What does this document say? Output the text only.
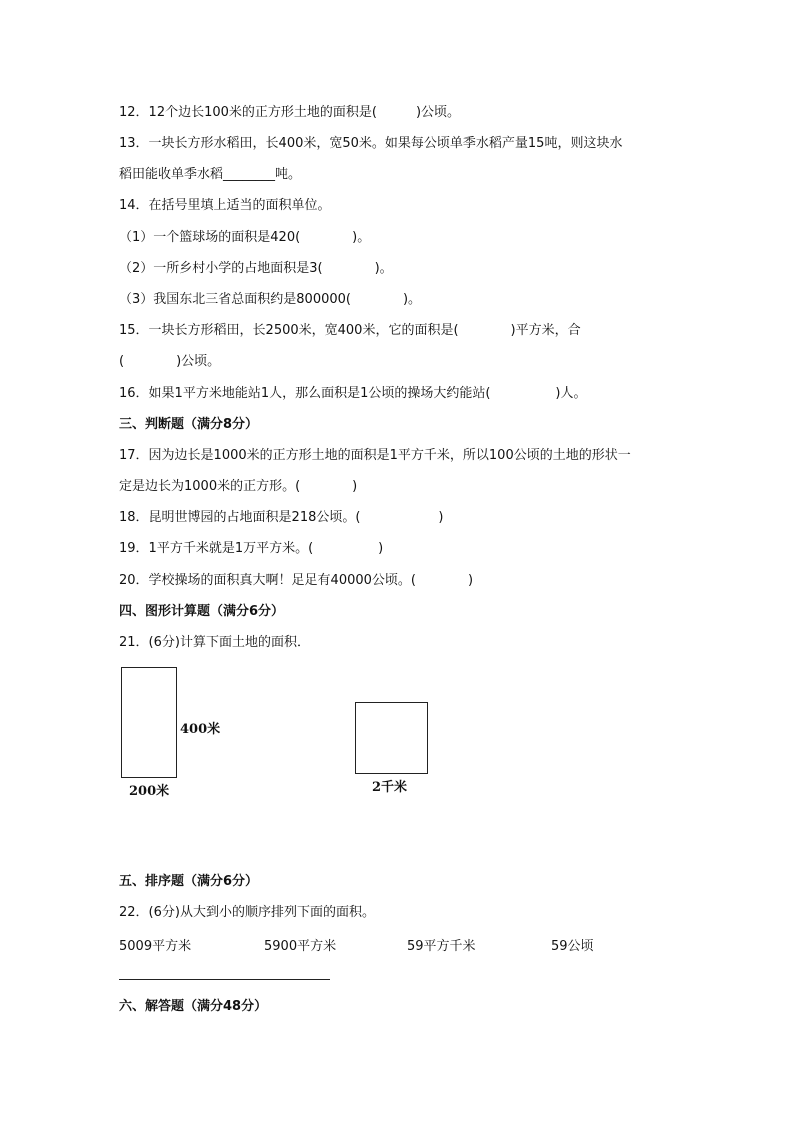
12．12个边长100米的正方形土地的面积是(　　　)公顷。
13．一块长方形水稻田，长400米，宽50米。如果每公顷单季水稻产量15吨，则这块水
稻田能收单季水稻________吨。
14．在括号里填上适当的面积单位。
（1）一个篮球场的面积是420(　　　　)。
（2）一所乡村小学的占地面积是3(　　　　)。
（3）我国东北三省总面积约是800000(　　　　)。
15．一块长方形稻田，长2500米，宽400米，它的面积是(　　　　)平方米，合
(　　　　)公顷。
16．如果1平方米地能站1人，那么面积是1公顷的操场大约能站(　　　　　)人。
三、判断题（满分8分）
17．因为边长是1000米的正方形土地的面积是1平方千米，所以100公顷的土地的形状一
定是边长为1000米的正方形。(　　　　)
18．昆明世博园的占地面积是218公顷。(　　　　　　)
19．1平方千米就是1万平方米。(　　　　　)
20．学校操场的面积真大啊！足足有40000公顷。(　　　　)
四、图形计算题（满分6分）
21．(6分)计算下面土地的面积．
400米
200米	2千米
五、排序题（满分6分）
22．(6分)从大到小的顺序排列下面的面积。
5009平方米	5900平方米	59平方千米	59公顷
六、解答题（满分48分）
